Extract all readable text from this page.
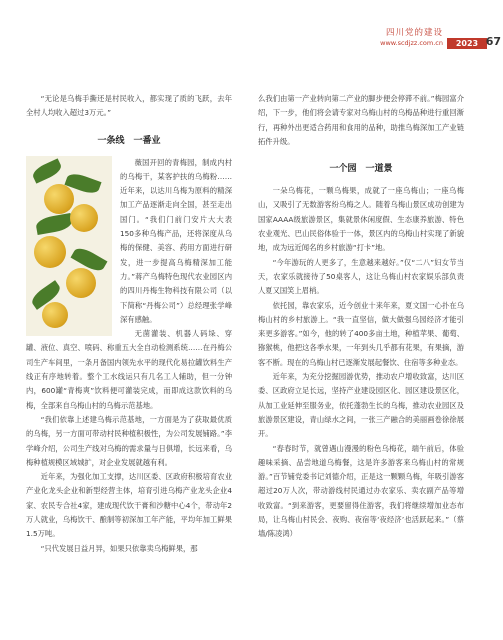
四川党的建设
www.scdjzz.com.cn	2023 67

“无论是乌梅手撕还是村民收入，都实现了质的飞跃，去年全村人均收入超过3万元。”

一条线　一番业

薇国开回的青梅园，制成内村的乌梅干，某客护扶的乌梅粉……近年来，以达川乌梅为原料的精深加工产品逐渐走向全国，甚至走出国门。“我们门前门安片大大表150多种乌梅产品，还将深度从乌梅的保健、美容、药用方面进行研发，进一步提高乌梅精深加工能力。”蒋产乌梅特色现代农业园区内的四川丹梅生物科技有限公司（以下简称“丹梅公司”）总经理张学峰深有感触。

无菌灌装、机器人码垛、穿罐、液位、真空、喷码、称重五大全自动检测系统……在丹梅公司生产车间里，一条月备国内领先水平的现代化易拉罐饮料生产线正有序地转着。整个工水线运只有几名工人辅助，但一分钟内，600罐“青梅爽”饮料便可灌装完成，而即成这款饮料的乌梅，全部来自乌梅山村的乌梅示范基地。

“我们依靠上述建乌梅示范基地，一方面是为了获取最优质的乌梅，另一方面可带动村民种植积极性，为公司发展铺路。”李学峰介绍，公司生产线对乌梅的需求量与日俱增，长远来看，乌梅种植规模区域城扩，对企业发展就越有利。

近年来，为强化加工支撑，达川区委、区政府积极培育农业产业化龙头企业和新型经营主体，培育引进乌梅产业龙头企业4家、农民专合社4家，建成现代饮干膏和沙糖中心4个，带动年2万人就业，乌梅饮干、酿制等初深加工年产能，平均年加工鲜果1.5万吨。

“只代发展日益月异，如果只依靠卖乌梅鲜果，那

么我们由第一产业转向第二产业的脚步便会停滞不前。”梅园富介绍，下一步，他们将会请专家对乌梅山村的乌梅品种进行重回渐行，再种外出更适合药用和食用的品种，助推乌梅深加工产业链拓件升级。

一个园　一道景

一朵乌梅花，一颗乌梅果，成就了一座乌梅山；一座乌梅山，又吸引了无数游客纷乌梅之人。随着乌梅山景区成功创建为国家AAAA级旅游景区，集就景休闲度假、生态康养旅游、特色农业观光、巴山民俗体验于一体，景区内的乌梅山村实现了新貌地，成为远近闻名的乡村旅游“打卡”地。

“今年游玩的人更多了，生意越来越好。”仅“二八”妇女节当天，农家乐就接待了50桌客人，这让乌梅山村农家娱乐部负责人夏又国笑上眉梢。

依托园，靠农家乐，近今创业十来年来，夏文国一心扑在乌梅山村的乡村旅游上。“我一直坚信，做大做强乌园经济才能引来更多游客。”如今，他的转了400多亩土地，种植苹果、葡萄、猕猴桃，他把这各季水果，一年到头几乎都有花果，有果摘，游客不断。现在的乌梅山村已逐渐发展起餐饮、住宿等多种业态。

近年来，为充分挖掘园游优势，推动农户增收致富，达川区委、区政府立足长远，坚持产业建设园区化、园区建设景区化，从加工业延伸至服务业，依托蓬勃生长的乌梅，推动农业园区及旅游景区建设，青山绿水之间，一张三产融合的美丽画卷徐徐展开。

“春春时节，就曾遇山漫漫的粉色乌梅花，端午前后，体验趣味采摘、品尝地道乌梅餐，这是许多游客来乌梅山村的常规游。”百节铺党委书记刘德介绍，正是这一颗颗乌梅，年吸引游客超过20万人次，带动游线村民通过办农家乐、卖农副产品等增收致富。“到来游客，更要留得住游客，我们将继续增加业态布局，让乌梅山村民会、夜购、夜宿等‘夜经济’也活跃起来。”（蔡墙/陈凌鸿）
